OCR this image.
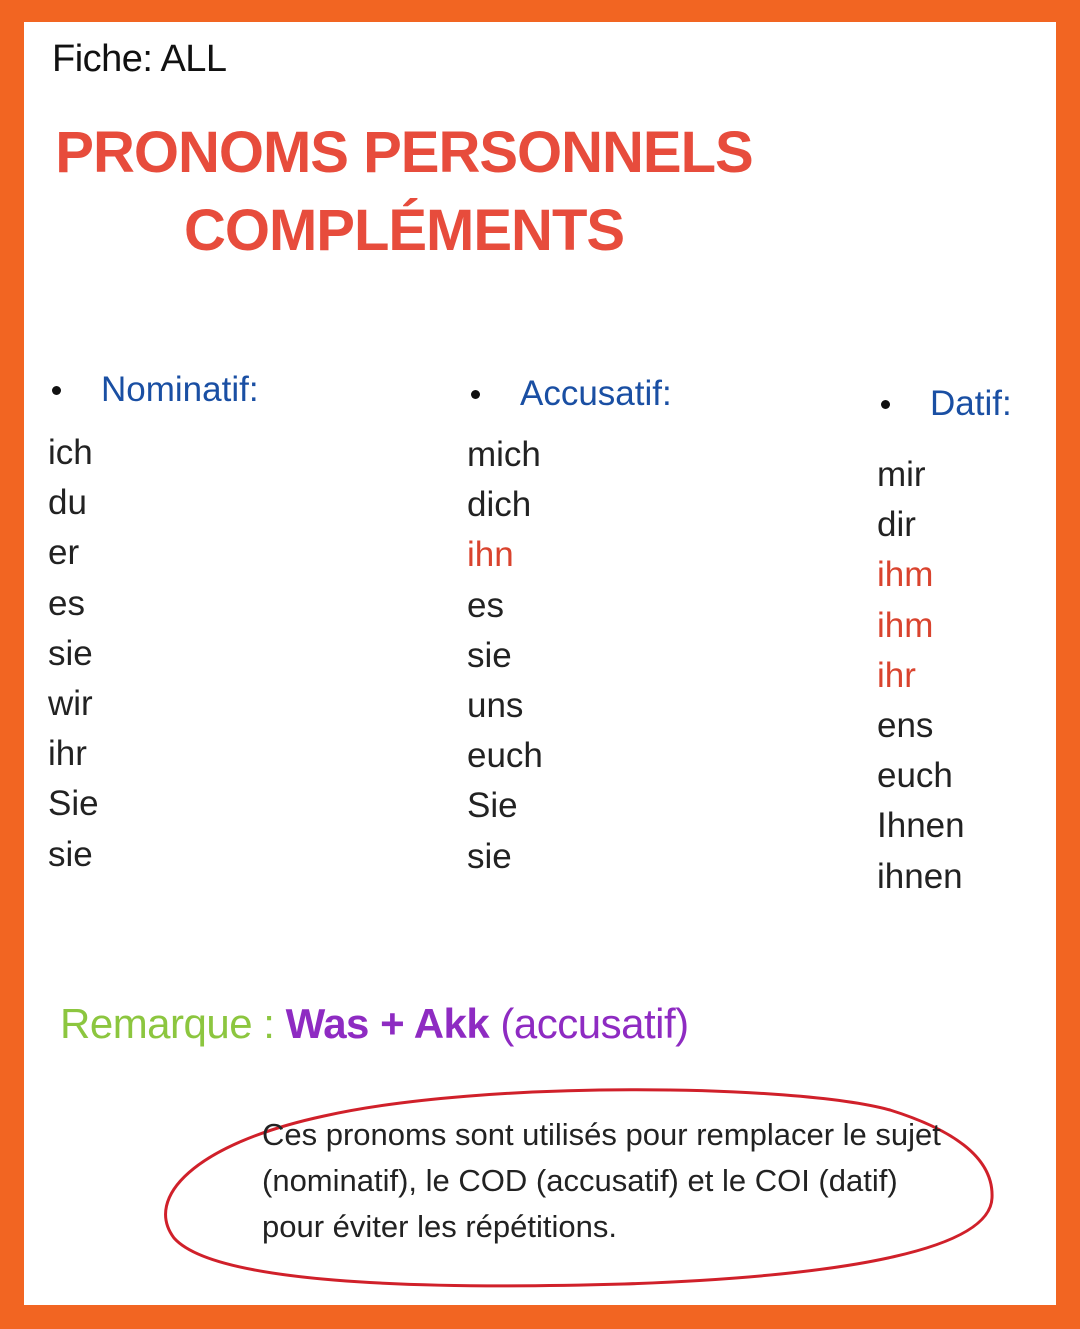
Fiche: ALL
PRONOMS PERSONNELS
COMPLÉMENTS
Nominatif:
ich
du
er
es
sie
wir
ihr
Sie
sie
Accusatif:
mich
dich
ihn
es
sie
uns
euch
Sie
sie
Datif:
mir
dir
ihm
ihm
ihr
ens
euch
Ihnen
ihnen
Remarque : Was + Akk (accusatif)
Ces pronoms sont utilisés pour remplacer le sujet (nominatif), le COD (accusatif) et le COI (datif) pour éviter les répétitions.
